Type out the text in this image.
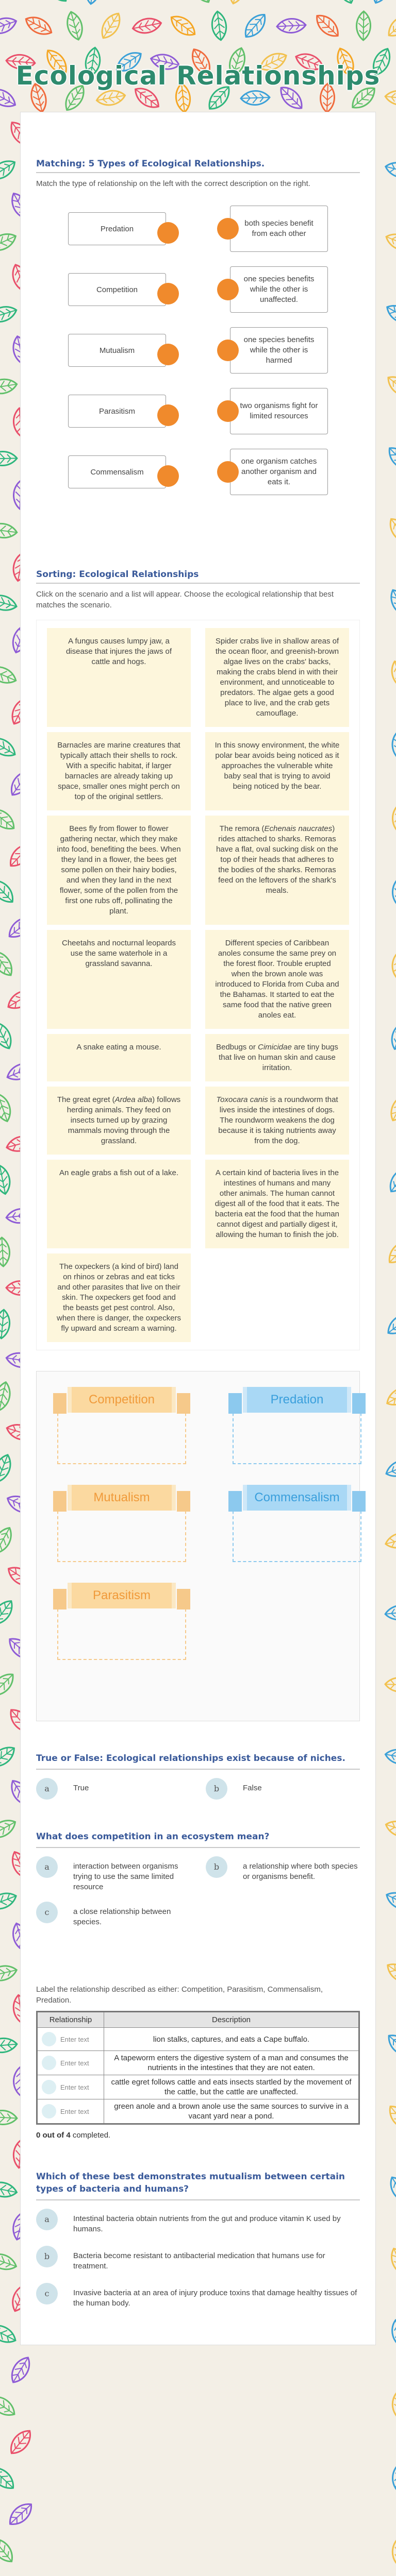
Ecological Relationships
Matching: 5 Types of Ecological Relationships.
Match the type of relationship on the left with the correct description on the right.
Predation
both species benefit from each other
Competition
one species benefits while the other is unaffected.
Mutualism
one species benefits while the other is harmed
Parasitism
two organisms fight for limited resources
Commensalism
one organism catches another organism and eats it.
Sorting: Ecological Relationships
Click on the scenario and a list will appear. Choose the ecological relationship that best matches the scenario.
A fungus causes lumpy jaw, a disease that injures the jaws of cattle and hogs.
Spider crabs live in shallow areas of the ocean floor, and greenish-brown algae lives on the crabs' backs, making the crabs blend in with their environment, and unnoticeable to predators. The algae gets a good place to live, and the crab gets camouflage.
Barnacles are marine creatures that typically attach their shells to rock. With a specific habitat, if larger barnacles are already taking up space, smaller ones might perch on top of the original settlers.
In this snowy environment, the white polar bear avoids being noticed as it approaches the vulnerable white baby seal that is trying to avoid being noticed by the bear.
Bees fly from flower to flower gathering nectar, which they make into food, benefiting the bees. When they land in a flower, the bees get some pollen on their hairy bodies, and when they land in the next flower, some of the pollen from the first one rubs off, pollinating the plant.
The remora (Echenais naucrates) rides attached to sharks. Remoras have a flat, oval sucking disk on the top of their heads that adheres to the bodies of the sharks. Remoras feed on the leftovers of the shark's meals.
Cheetahs and nocturnal leopards use the same waterhole in a grassland savanna.
Different species of Caribbean anoles consume the same prey on the forest floor. Trouble erupted when the brown anole was introduced to Florida from Cuba and the Bahamas. It started to eat the same food that the native green anoles eat.
A snake eating a mouse.	Bedbugs or Cimicidae are tiny bugs that live on human skin and cause irritation.
The great egret (Ardea alba) follows herding animals. They feed on insects turned up by grazing mammals moving through the grassland.
Toxocara canis is a roundworm that lives inside the intestines of dogs. The roundworm weakens the dog because it is taking nutrients away from the dog.
An eagle grabs a fish out of a lake.	A certain kind of bacteria lives in the intestines of humans and many other animals. The human cannot digest all of the food that it eats. The bacteria eat the food that the human cannot digest and partially digest it, allowing the human to finish the job.
The oxpeckers (a kind of bird) land on rhinos or zebras and eat ticks and other parasites that live on their skin. The oxpeckers get food and the beasts get pest control. Also, when there is danger, the oxpeckers fly upward and scream a warning.
Competition	Predation
Mutualism	Commensalism
Parasitism
True or False: Ecological relationships exist because of niches.
a	True	b	False
What does competition in an ecosystem mean?
a	interaction between organisms trying to use the same limited resource
b	a relationship where both species or organisms benefit.
c	a close relationship between species.
Label the relationship described as either: Competition, Parasitism, Commensalism, Predation.
Relationship	Description

Enter text	lion stalks, captures, and eats a Cape buffalo.

Enter text	A tapeworm enters the digestive system of a man and consumes the nutrients in the intestines that they are not eaten.

Enter text	cattle egret follows cattle and eats insects startled by the movement of the cattle, but the cattle are unaffected.

Enter text	green anole and a brown anole use the same sources to survive in a vacant yard near a pond.
0 out of 4 completed.
Which of these best demonstrates mutualism between certain types of bacteria and humans?
a	Intestinal bacteria obtain nutrients from the gut and produce vitamin K used by humans.
b	Bacteria become resistant to antibacterial medication that humans use for treatment.
c	Invasive bacteria at an area of injury produce toxins that damage healthy tissues of the human body.
